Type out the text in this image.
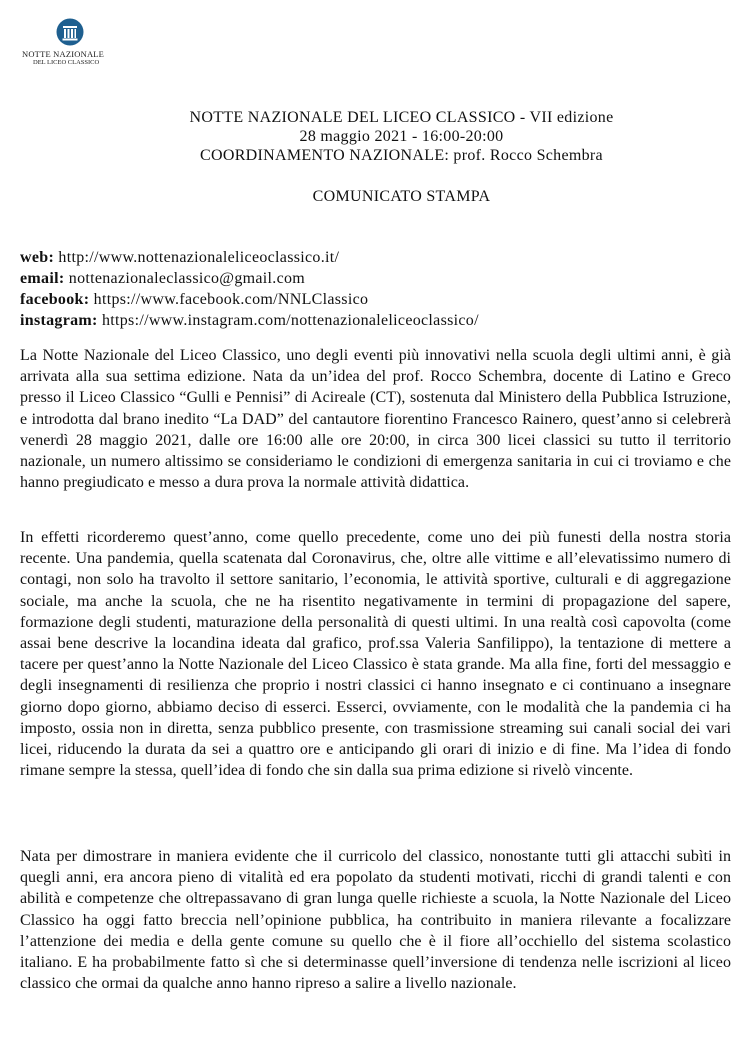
NOTTE NAZIONALE
DEL LICEO CLASSICO
NOTTE NAZIONALE DEL LICEO CLASSICO - VII edizione
28 maggio 2021 - 16:00-20:00
COORDINAMENTO NAZIONALE: prof. Rocco Schembra
COMUNICATO STAMPA
web: http://www.nottenazionaleliceoclassico.it/
email: nottenazionaleclassico@gmail.com
facebook: https://www.facebook.com/NNLClassico
instagram: https://www.instagram.com/nottenazionaleliceoclassico/
La Notte Nazionale del Liceo Classico, uno degli eventi più innovativi nella scuola degli ultimi anni, è già arrivata alla sua settima edizione. Nata da un’idea del prof. Rocco Schembra, docente di Latino e Greco presso il Liceo Classico “Gulli e Pennisi” di Acireale (CT), sostenuta dal Ministero della Pubblica Istruzione, e introdotta dal brano inedito “La DAD” del cantautore fiorentino Francesco Rainero, quest’anno si celebrerà venerdì 28 maggio 2021, dalle ore 16:00 alle ore 20:00, in circa 300 licei classici su tutto il territorio nazionale, un numero altissimo se consideriamo le condizioni di emergenza sanitaria in cui ci troviamo e che hanno pregiudicato e messo a dura prova la normale attività didattica.
In effetti ricorderemo quest’anno, come quello precedente, come uno dei più funesti della nostra storia recente. Una pandemia, quella scatenata dal Coronavirus, che, oltre alle vittime e all’elevatissimo numero di contagi, non solo ha travolto il settore sanitario, l’economia, le attività sportive, culturali e di aggregazione sociale, ma anche la scuola, che ne ha risentito negativamente in termini di propagazione del sapere, formazione degli studenti, maturazione della personalità di questi ultimi. In una realtà così capovolta (come assai bene descrive la locandina ideata dal grafico, prof.ssa Valeria Sanfilippo), la tentazione di mettere a tacere per quest’anno la Notte Nazionale del Liceo Classico è stata grande. Ma alla fine, forti del messaggio e degli insegnamenti di resilienza che proprio i nostri classici ci hanno insegnato e ci continuano a insegnare giorno dopo giorno, abbiamo deciso di esserci. Esserci, ovviamente, con le modalità che la pandemia ci ha imposto, ossia non in diretta, senza pubblico presente, con trasmissione streaming sui canali social dei vari licei, riducendo la durata da sei a quattro ore e anticipando gli orari di inizio e di fine. Ma l’idea di fondo rimane sempre la stessa, quell’idea di fondo che sin dalla sua prima edizione si rivelò vincente.
Nata per dimostrare in maniera evidente che il curricolo del classico, nonostante tutti gli attacchi subìti in quegli anni, era ancora pieno di vitalità ed era popolato da studenti motivati, ricchi di grandi talenti e con abilità e competenze che oltrepassavano di gran lunga quelle richieste a scuola, la Notte Nazionale del Liceo Classico ha oggi fatto breccia nell’opinione pubblica, ha contribuito in maniera rilevante a focalizzare l’attenzione dei media e della gente comune su quello che è il fiore all’occhiello del sistema scolastico italiano. E ha probabilmente fatto sì che si determinasse quell’inversione di tendenza nelle iscrizioni al liceo classico che ormai da qualche anno hanno ripreso a salire a livello nazionale.
